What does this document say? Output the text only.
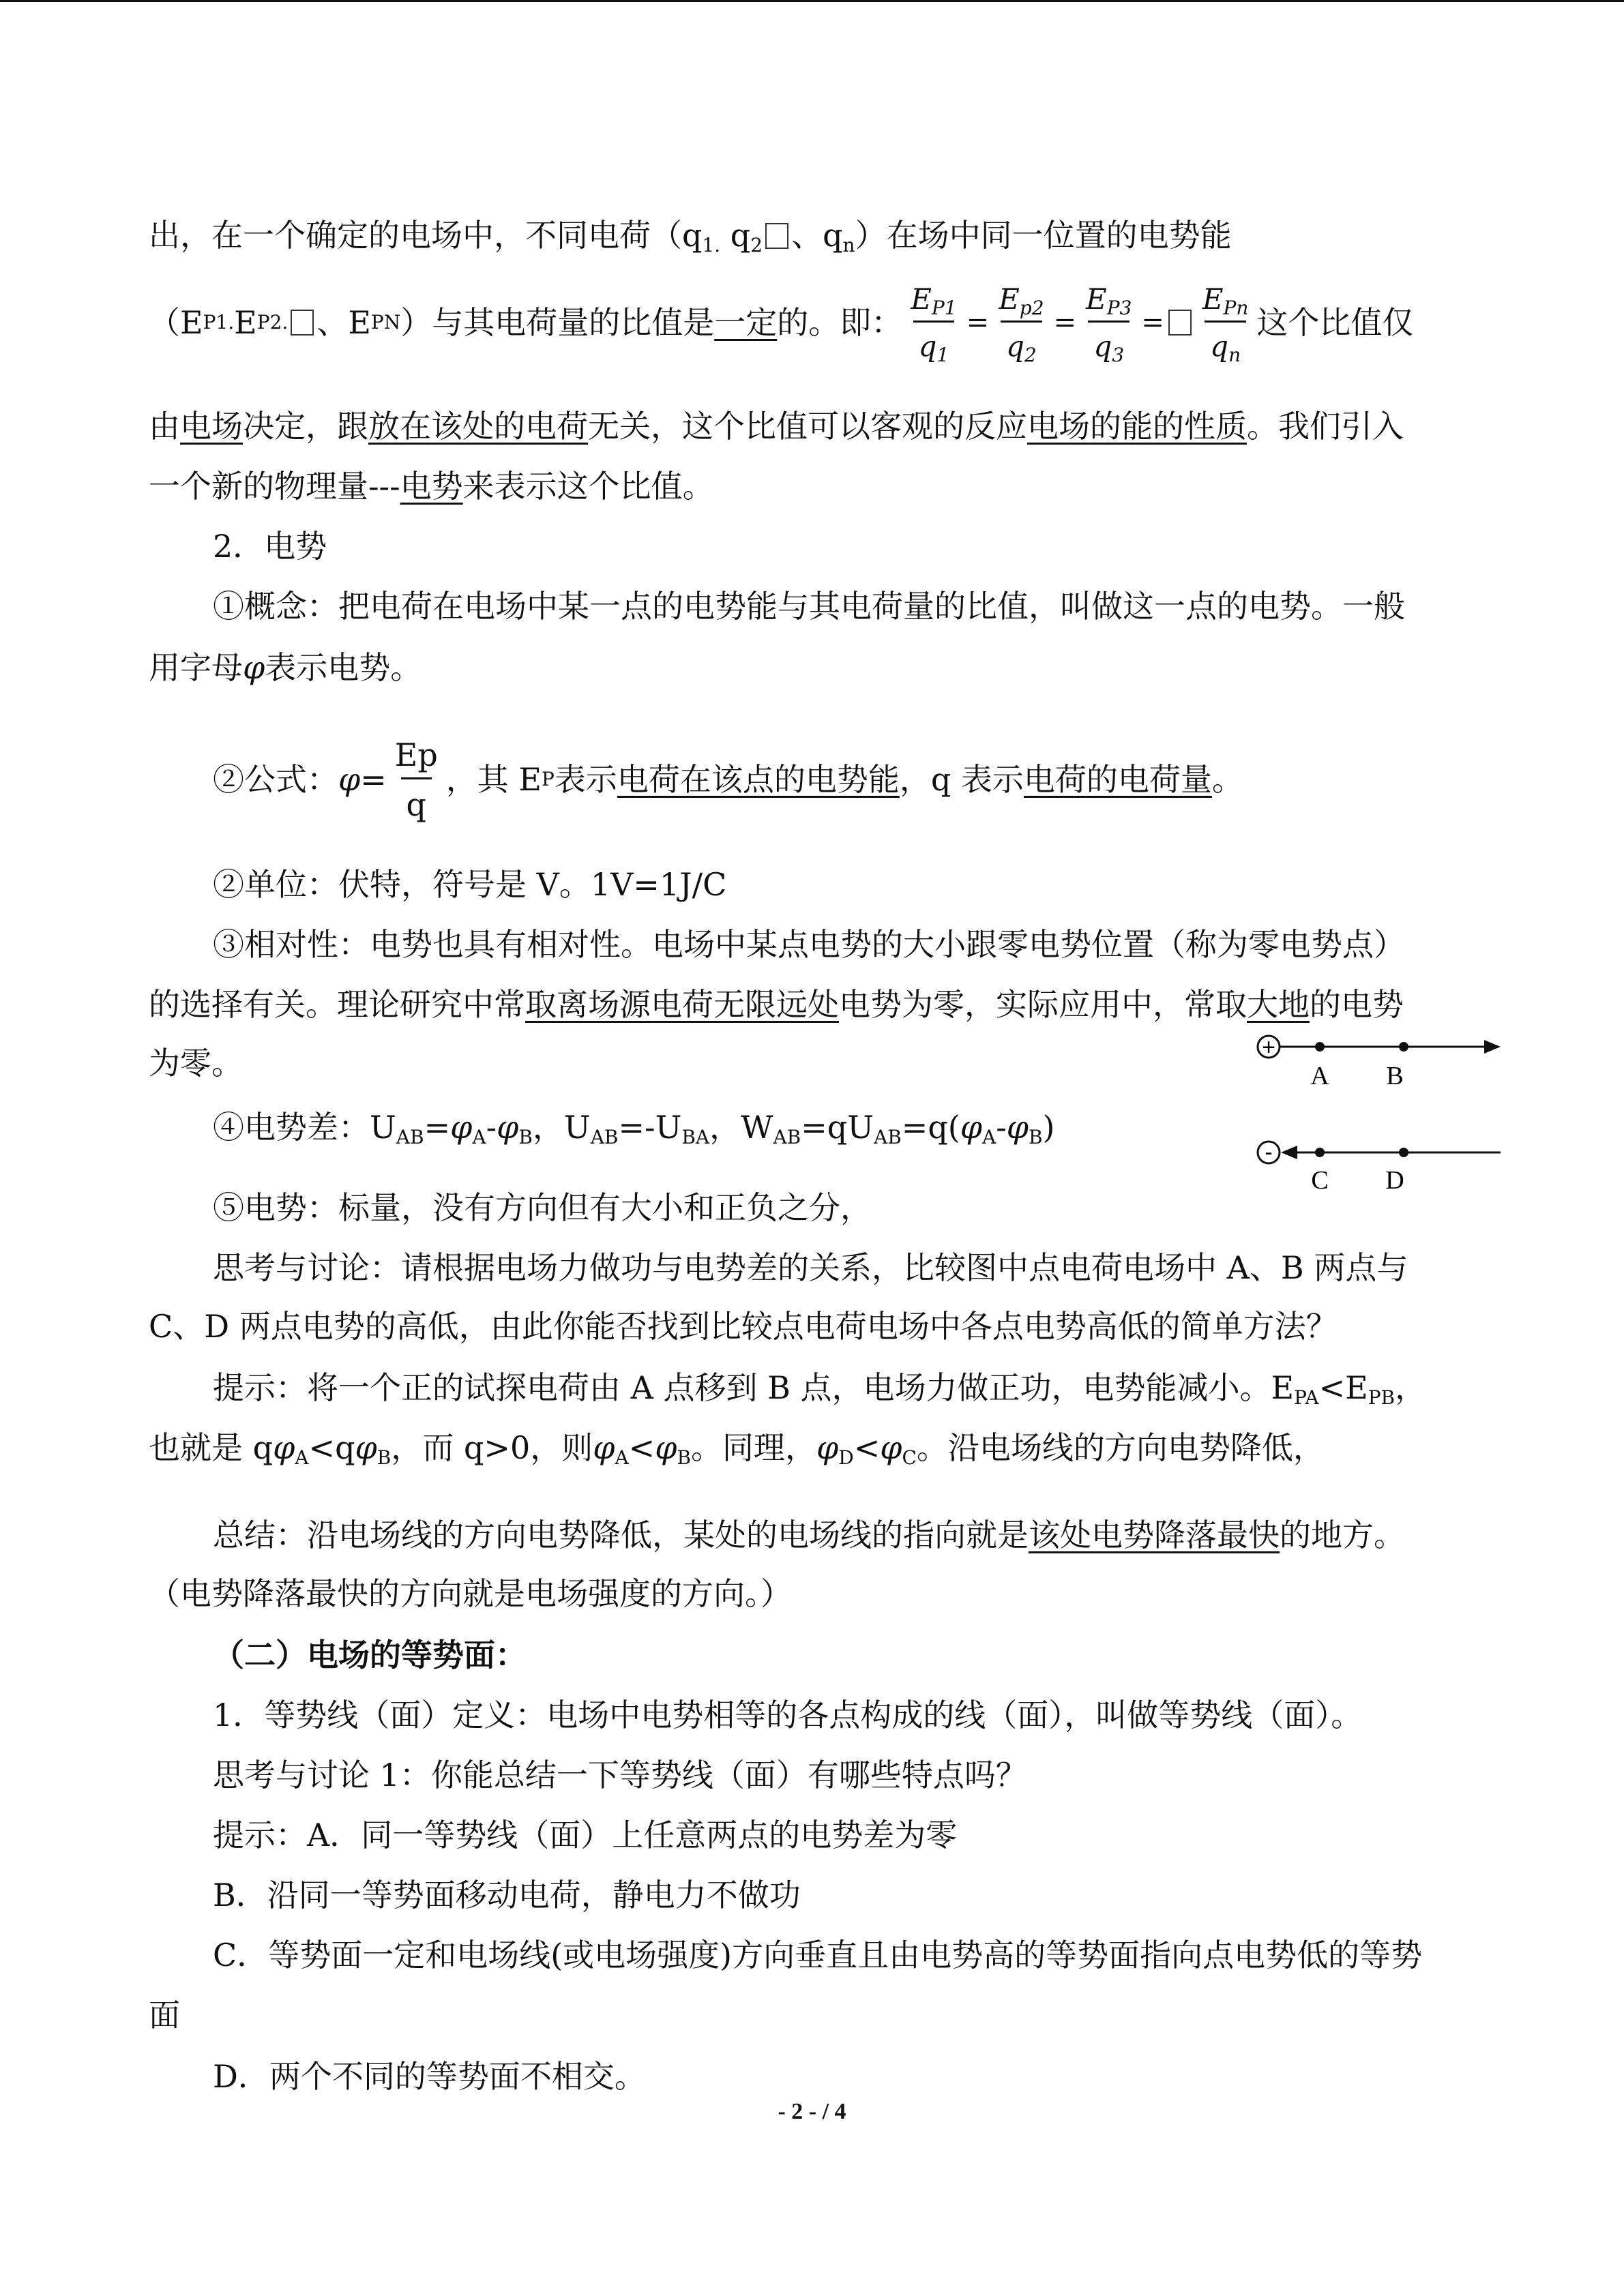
出，在一个确定的电场中，不同电荷（$q_{1.}$ $q_2$ 、$q_n$）在场中同一位置的电势能
（E P1. E P2. 、E PN ）与其电荷量的比值是 一定 的。即： $\frac{E_{P1}}{q_1} = \frac{E_{p2}}{q_2} = \frac{E_{P3}}{q_3} = \frac{E_{Pn}}{q_n}$ 这个比值仅
由电场决定，跟放在该处的电荷无关，这个比值可以客观的反应电场的能的性质。我们引入
一个新的物理量---电势来表示这个比值。
2．电势
①概念：把电荷在电场中某一点的电势能与其电荷量的比值，叫做这一点的电势。一般
用字母φ表示电势。
②公式： $\varphi = \frac{Ep}{q}$ ，其 E P 表示 电荷在该点的电势能 ，q 表示 电荷的电荷量 。
②单位：伏特，符号是 V。1V=1J/C
③相对性：电势也具有相对性。电场中某点电势的大小跟零电势位置（称为零电势点）
的选择有关。理论研究中常取离场源电荷无限远处电势为零，实际应用中，常取大地的电势
为零。
④电势差：$U_{AB}=\varphi_A-\varphi_B$，$U_{AB}=-U_{BA}$，$W_{AB}=qU_{AB}=q(\varphi_A-\varphi_B)$
⑤电势：标量，没有方向但有大小和正负之分，
思考与讨论：请根据电场力做功与电势差的关系，比较图中点电荷电场中 A、B 两点与
C、D 两点电势的高低，由此你能否找到比较点电荷电场中各点电势高低的简单方法？
提示：将一个正的试探电荷由 A 点移到 B 点，电场力做正功，电势能减小。$E_{PA}<E_{PB}$，
也就是 $q\varphi_A<q\varphi_B$，而 q>0，则$\varphi_A<\varphi_B$。同理，$\varphi_D<\varphi_C$。沿电场线的方向电势降低，
总结：沿电场线的方向电势降低，某处的电场线的指向就是该处电势降落最快的地方。
（电势降落最快的方向就是电场强度的方向。）
（二）电场的等势面：
1．等势线（面）定义：电场中电势相等的各点构成的线（面），叫做等势线（面）。
思考与讨论 1：你能总结一下等势线（面）有哪些特点吗？
提示：A．同一等势线（面）上任意两点的电势差为零
B．沿同一等势面移动电荷，静电力不做功
C．等势面一定和电场线(或电场强度)方向垂直且由电势高的等势面指向点电势低的等势
面
D．两个不同的等势面不相交。
+
A B
-
C D
- 2 - / 4
